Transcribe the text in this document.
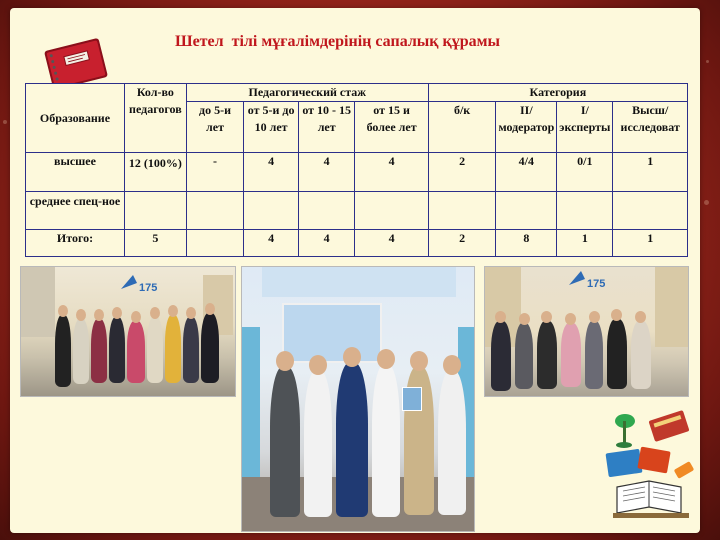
Шетел  тілі мұғалімдерінің сапалық құрамы
Образование	Кол-во педагогов	Педагогический стаж				Категория			
		до 5-и лет	от 5-и до 10 лет	от 10 - 15 лет	от 15 и более лет	б/к	II/модератор	I/эксперты	Высш/исследоват
высшее	12 (100%)	-	4	4	4	2	4/4	0/1	1
среднее спец-ное									
Итого:	5		4	4	4	2	8	1	1
175	175
